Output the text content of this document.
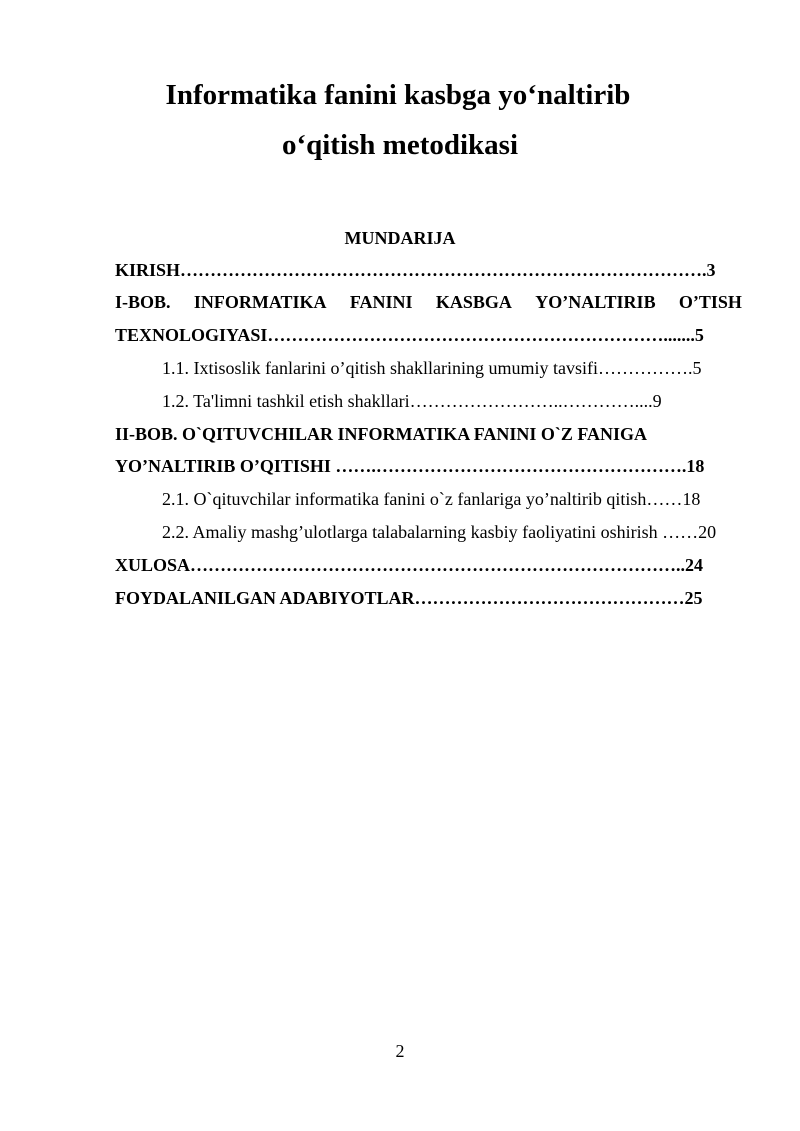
Informatika fanini kasbga yo‘naltirib
o‘qitish metodikasi
MUNDARIJA
KIRISH…………………………………………………………………………….3
I-BOB. INFORMATIKA FANINI KASBGA YO’NALTIRIB O’TISH
TEXNOLOGIYASI………………………………………………………….......5
1.1. Ixtisoslik fanlarini o’qitish shakllarining umumiy tavsifi…………….5
1.2. Ta'limni tashkil etish shakllari……………………..…………....9
II-BOB. O`QITUVCHILAR INFORMATIKA FANINI O`Z FANIGA
YO’NALTIRIB O’QITISHI …….…………………………………………….18
2.1. O`qituvchilar informatika fanini o`z fanlariga yo’naltirib qitish……18
2.2. Amaliy mashg’ulotlarga talabalarning kasbiy faoliyatini oshirish ……20
XULOSA………………………………………………………………………..24
FOYDALANILGAN ADABIYOTLAR………………………………………25
2
